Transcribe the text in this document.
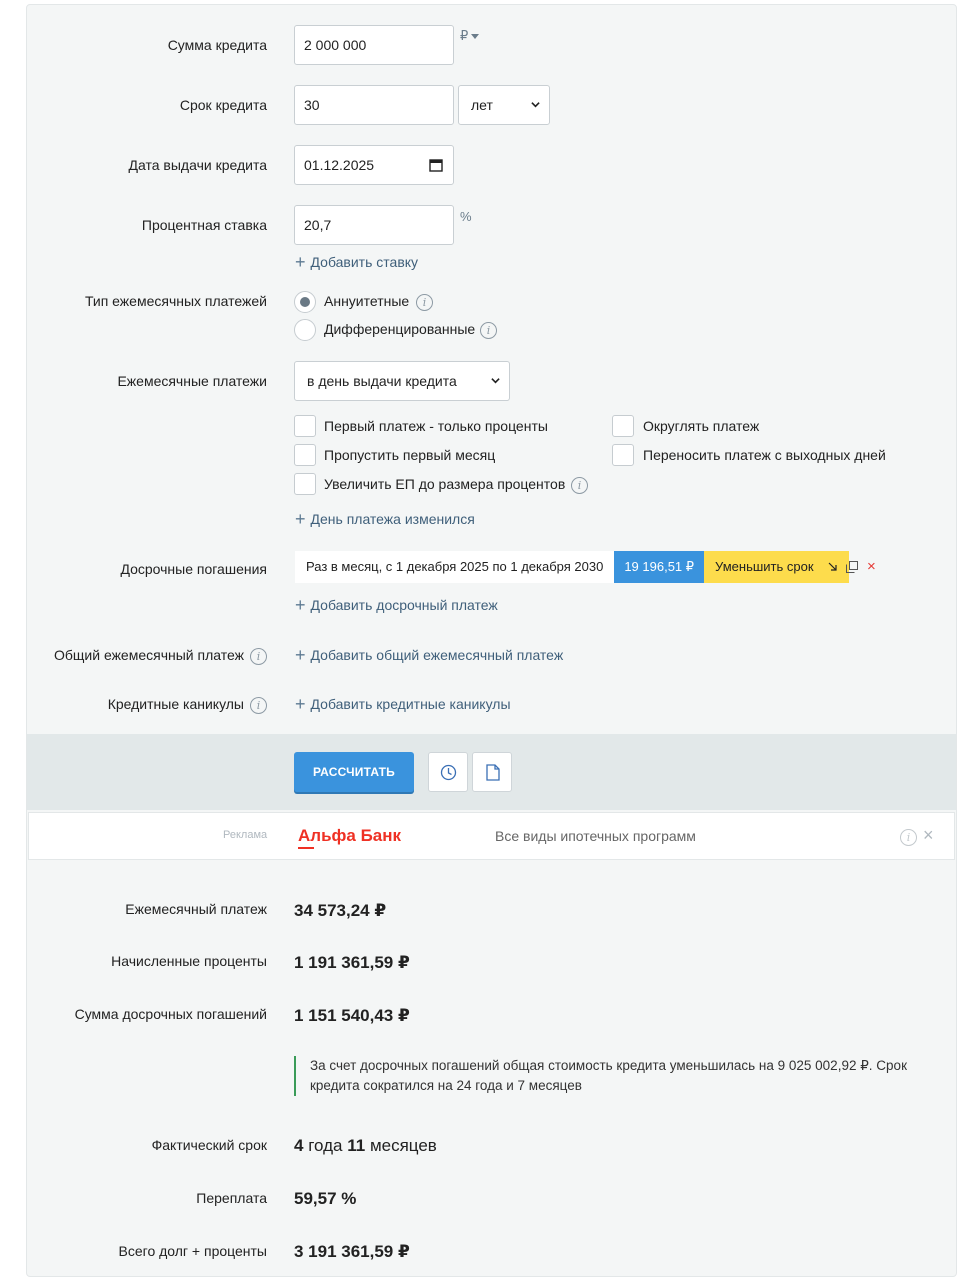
Сумма кредита	2 000 000
₽
Срок кредита	30	лет
Дата выдачи кредита	01.12.2025
Процентная ставка	20,7
%
+ Добавить ставку
Тип ежемесячных платежей	Аннуитетные	i
Дифференцированные	i
Ежемесячные платежи	в день выдачи кредита
Первый платеж - только проценты	Округлять платеж
Пропустить первый месяц	Переносить платеж с выходных дней
Увеличить ЕП до размера процентов	i
+ День платежа изменился
Досрочные погашения	Раз в месяц, с 1 декабря 2025 по 1 декабря 2030	19 196,51 ₽	Уменьшить срок	×
+ Добавить досрочный платеж
Общий ежемесячный платеж	i	+ Добавить общий ежемесячный платеж
Кредитные каникулы	i	+ Добавить кредитные каникулы
РАССЧИТАТЬ
Реклама Альфа Банк	Все виды ипотечных программ	i ×
Ежемесячный платеж 34 573,24 ₽
Начисленные проценты 1 191 361,59 ₽
Сумма досрочных погашений 1 151 540,43 ₽
За счет досрочных погашений общая стоимость кредита уменьшилась на 9 025 002,92 ₽. Срок кредита сократился на 24 года и 7 месяцев
Фактический срок 4 года 11 месяцев
Переплата 59,57 %
Всего долг + проценты 3 191 361,59 ₽
